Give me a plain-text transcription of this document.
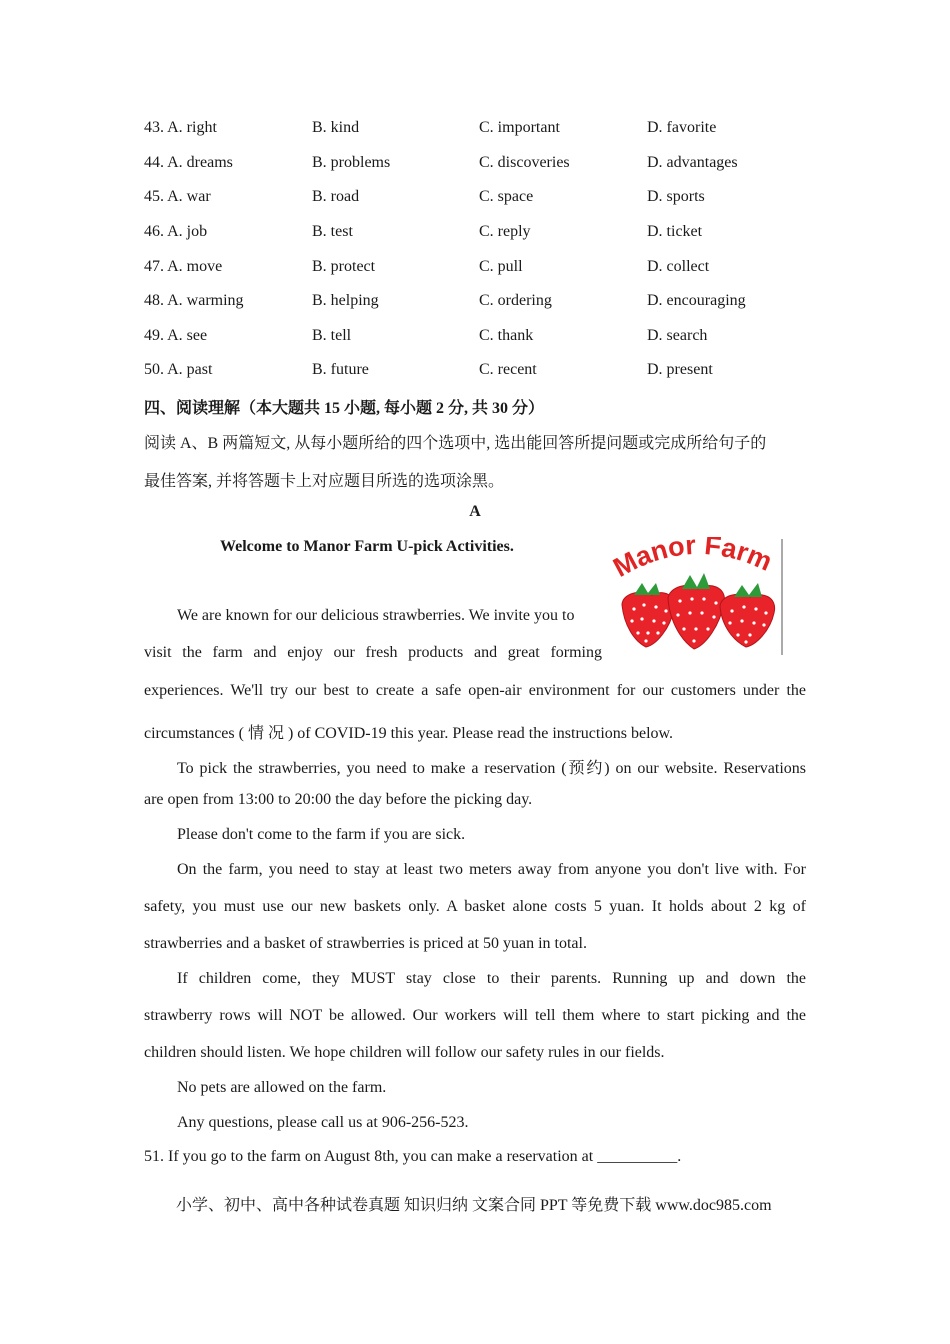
43. A. right	B. kind	C. important	D. favorite
44. A. dreams	B. problems	C. discoveries	D. advantages
45. A. war	B. road	C. space	D. sports
46. A. job	B. test	C. reply	D. ticket
47. A. move	B. protect	C. pull	D. collect
48. A. warming	B. helping	C. ordering	D. encouraging
49. A. see	B. tell	C. thank	D. search
50. A. past	B. future	C. recent	D. present
四、阅读理解（本大题共 15 小题, 每小题 2 分, 共 30 分）
阅读 A、B 两篇短文, 从每小题所给的四个选项中, 选出能回答所提问题或完成所给句子的
最佳答案, 并将答题卡上对应题目所选的选项涂黑。
A
Welcome to Manor Farm U-pick Activities.	anor Farm
We are known for our delicious strawberries. We invite you to
visit the farm and enjoy our fresh products and great forming
experiences. We'll try our best to create a safe open-air environment for our customers under the
circumstances ( 情 况 ) of COVID-19 this year. Please read the instructions below.
To pick the strawberries, you need to make a reservation (预约) on our website. Reservations
are open from 13:00 to 20:00 the day before the picking day.
Please don't come to the farm if you are sick.
On the farm, you need to stay at least two meters away from anyone you don't live with. For
safety, you must use our new baskets only. A basket alone costs 5 yuan. It holds about 2 kg of
strawberries and a basket of strawberries is priced at 50 yuan in total.
If children come, they MUST stay close to their parents. Running up and down the
strawberry rows will NOT be allowed. Our workers will tell them where to start picking and the
children should listen. We hope children will follow our safety rules in our fields.
No pets are allowed on the farm.
Any questions, please call us at 906-256-523.
51. If you go to the farm on August 8th, you can make a reservation at __________.
小学、初中、高中各种试卷真题 知识归纳 文案合同 PPT 等免费下载 www.doc985.com
